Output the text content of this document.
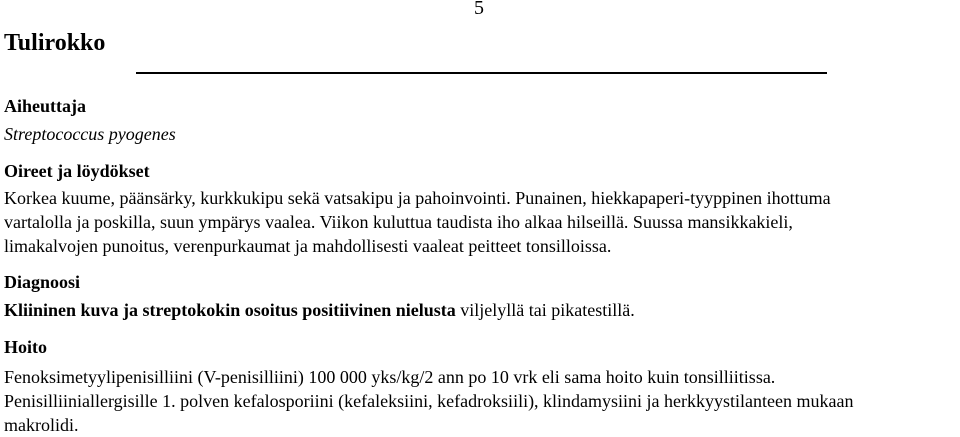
5
Tulirokko
Aiheuttaja

Streptococcus pyogenes

Oireet ja löydökset
Korkea kuume, päänsärky, kurkkukipu sekä vatsakipu ja pahoinvointi. Punainen, hiekkapaperi-tyyppinen ihottuma
vartalolla ja poskilla, suun ympärys vaalea. Viikon kuluttua taudista iho alkaa hilseillä. Suussa mansikkakieli,
limakalvojen punoitus, verenpurkaumat ja mahdollisesti vaaleat peitteet tonsilloissa.
Diagnoosi

Kliininen kuva ja streptokokin osoitus positiivinen nielusta viljelyllä tai pikatestillä.

Hoito
Fenoksimetyylipenisilliini (V-penisilliini) 100 000 yks/kg/2 ann po 10 vrk eli sama hoito kuin tonsilliitissa.
Penisilliiniallergisille 1. polven kefalosporiini (kefaleksiini, kefadroksiili), klindamysiini ja herkkyystilanteen mukaan
makrolidi.
